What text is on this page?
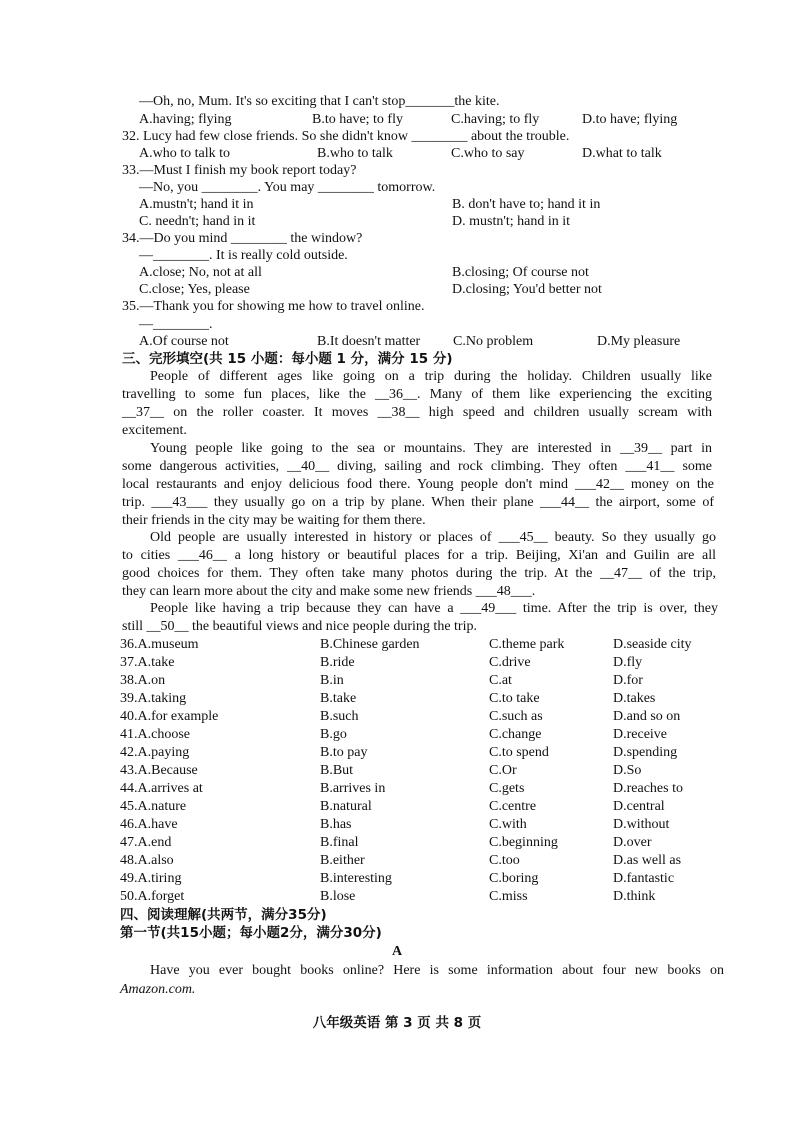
—Oh, no, Mum. It's so exciting that I can't stop_______the kite.
A.having; flying	B.to have; to fly	C.having; to fly	D.to have; flying
32. Lucy had few close friends. So she didn't know ________ about the trouble.
A.who to talk to	B.who to talk	C.who to say	D.what to talk
33.—Must I finish my book report today?
—No, you ________. You may ________ tomorrow.
A.mustn't; hand it in	B. don't have to; hand it in
C. needn't; hand in it	D. mustn't; hand in it
34.—Do you mind ________ the window?
—________. It is really cold outside.
A.close; No, not at all	B.closing; Of course not
C.close; Yes, please	D.closing; You'd better not
35.—Thank you for showing me how to travel online.
—________.
A.Of course not	B.It doesn't matter C.No problem	D.My pleasure
三、完形填空(共 15 小题：每小题 1 分，满分 15 分)
People of different ages like going on a trip during the holiday. Children usually like
travelling to some fun places, like the __36__. Many of them like experiencing the exciting
__37__ on the roller coaster. It moves __38__ high speed and children usually scream with
excitement.
Young people like going to the sea or mountains. They are interested in __39__ part in
some dangerous activities, __40__ diving, sailing and rock climbing. They often ___41__ some
local restaurants and enjoy delicious food there. Young people don't mind ___42__ money on the
trip. ___43___ they usually go on a trip by plane. When their plane ___44__ the airport, some of
their friends in the city may be waiting for them there.
Old people are usually interested in history or places of ___45__ beauty. So they usually go
to cities ___46__ a long history or beautiful places for a trip. Beijing, Xi'an and Guilin are all
good choices for them. They often take many photos during the trip. At the __47__ of the trip,
they can learn more about the city and make some new friends ___48___.
People like having a trip because they can have a ___49___ time. After the trip is over, they
still __50__ the beautiful views and nice people during the trip.
36.A.museum	B.Chinese garden	C.theme park	D.seaside city
37.A.take	B.ride	C.drive	D.fly
38.A.on	B.in	C.at	D.for
39.A.taking	B.take	C.to take	D.takes
40.A.for example	B.such	C.such as	D.and so on
41.A.choose	B.go	C.change	D.receive
42.A.paying	B.to pay	C.to spend	D.spending
43.A.Because	B.But	C.Or	D.So
44.A.arrives at	B.arrives in	C.gets	D.reaches to
45.A.nature	B.natural	C.centre	D.central
46.A.have	B.has	C.with	D.without
47.A.end	B.final	C.beginning	D.over
48.A.also	B.either	C.too	D.as well as
49.A.tiring	B.interesting	C.boring	D.fantastic
50.A.forget	B.lose	C.miss	D.think
四、阅读理解(共两节，满分35分)
第一节(共15小题；每小题2分，满分30分)
A
Have you ever bought books online? Here is some information about four new books on
Amazon.com.
八年级英语 第 3 页 共 8 页
